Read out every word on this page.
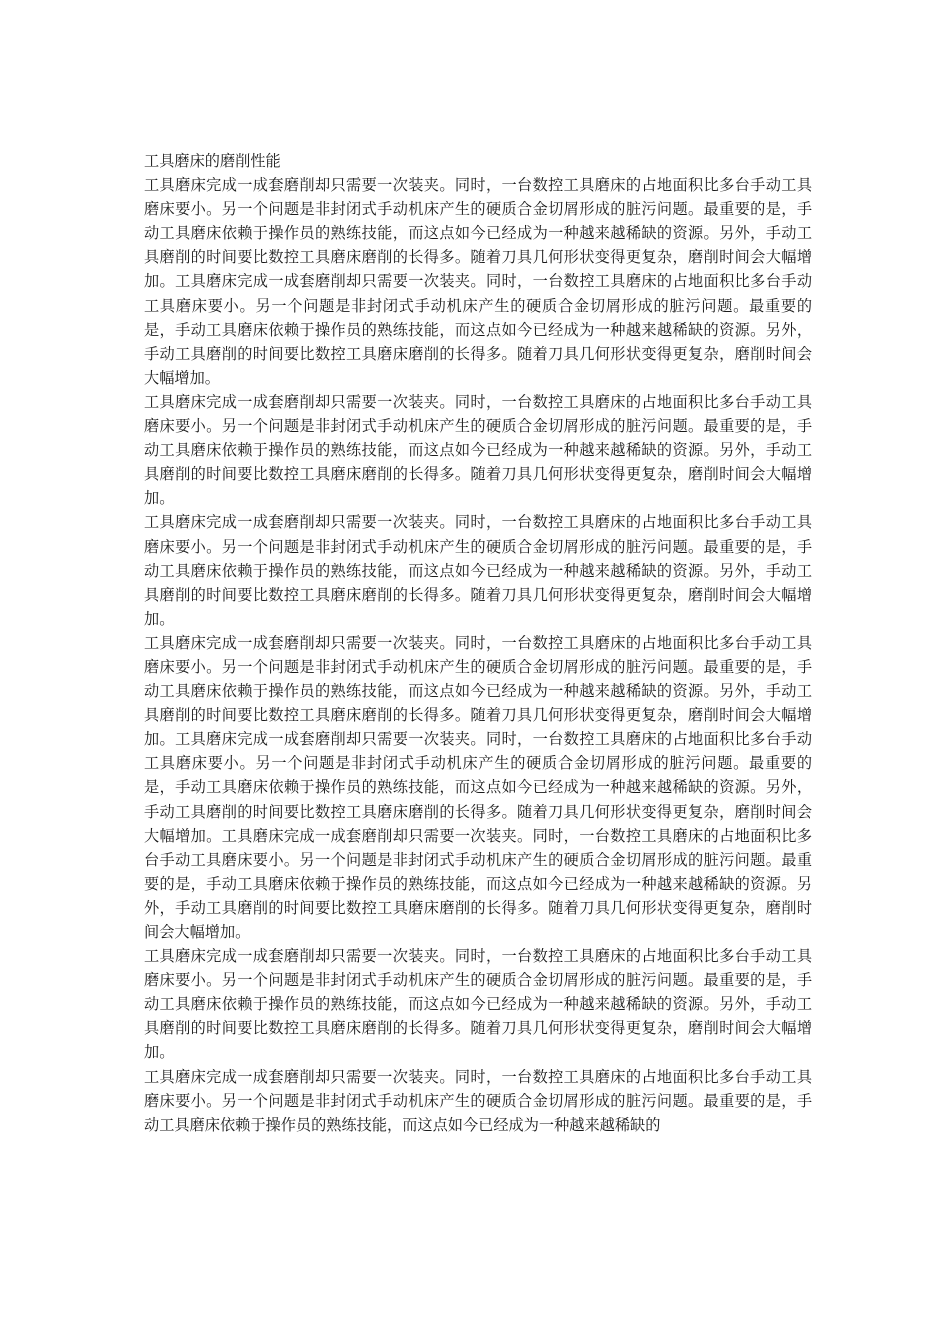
工具磨床的磨削性能

工具磨床完成一成套磨削却只需要一次装夹。同时，一台数控工具磨床的占地面积比多台手动工具磨床要小。另一个问题是非封闭式手动机床产生的硬质合金切屑形成的脏污问题。最重要的是，手动工具磨床依赖于操作员的熟练技能，而这点如今已经成为一种越来越稀缺的资源。另外，手动工具磨削的时间要比数控工具磨床磨削的长得多。随着刀具几何形状变得更复杂，磨削时间会大幅增加。工具磨床完成一成套磨削却只需要一次装夹。同时，一台数控工具磨床的占地面积比多台手动工具磨床要小。另一个问题是非封闭式手动机床产生的硬质合金切屑形成的脏污问题。最重要的是，手动工具磨床依赖于操作员的熟练技能，而这点如今已经成为一种越来越稀缺的资源。另外，手动工具磨削的时间要比数控工具磨床磨削的长得多。随着刀具几何形状变得更复杂，磨削时间会大幅增加。

工具磨床完成一成套磨削却只需要一次装夹。同时，一台数控工具磨床的占地面积比多台手动工具磨床要小。另一个问题是非封闭式手动机床产生的硬质合金切屑形成的脏污问题。最重要的是，手动工具磨床依赖于操作员的熟练技能，而这点如今已经成为一种越来越稀缺的资源。另外，手动工具磨削的时间要比数控工具磨床磨削的长得多。随着刀具几何形状变得更复杂，磨削时间会大幅增加。

工具磨床完成一成套磨削却只需要一次装夹。同时，一台数控工具磨床的占地面积比多台手动工具磨床要小。另一个问题是非封闭式手动机床产生的硬质合金切屑形成的脏污问题。最重要的是，手动工具磨床依赖于操作员的熟练技能，而这点如今已经成为一种越来越稀缺的资源。另外，手动工具磨削的时间要比数控工具磨床磨削的长得多。随着刀具几何形状变得更复杂，磨削时间会大幅增加。

工具磨床完成一成套磨削却只需要一次装夹。同时，一台数控工具磨床的占地面积比多台手动工具磨床要小。另一个问题是非封闭式手动机床产生的硬质合金切屑形成的脏污问题。最重要的是，手动工具磨床依赖于操作员的熟练技能，而这点如今已经成为一种越来越稀缺的资源。另外，手动工具磨削的时间要比数控工具磨床磨削的长得多。随着刀具几何形状变得更复杂，磨削时间会大幅增加。工具磨床完成一成套磨削却只需要一次装夹。同时，一台数控工具磨床的占地面积比多台手动工具磨床要小。另一个问题是非封闭式手动机床产生的硬质合金切屑形成的脏污问题。最重要的是，手动工具磨床依赖于操作员的熟练技能，而这点如今已经成为一种越来越稀缺的资源。另外，手动工具磨削的时间要比数控工具磨床磨削的长得多。随着刀具几何形状变得更复杂，磨削时间会大幅增加。工具磨床完成一成套磨削却只需要一次装夹。同时，一台数控工具磨床的占地面积比多台手动工具磨床要小。另一个问题是非封闭式手动机床产生的硬质合金切屑形成的脏污问题。最重要的是，手动工具磨床依赖于操作员的熟练技能，而这点如今已经成为一种越来越稀缺的资源。另外，手动工具磨削的时间要比数控工具磨床磨削的长得多。随着刀具几何形状变得更复杂，磨削时间会大幅增加。

工具磨床完成一成套磨削却只需要一次装夹。同时，一台数控工具磨床的占地面积比多台手动工具磨床要小。另一个问题是非封闭式手动机床产生的硬质合金切屑形成的脏污问题。最重要的是，手动工具磨床依赖于操作员的熟练技能，而这点如今已经成为一种越来越稀缺的资源。另外，手动工具磨削的时间要比数控工具磨床磨削的长得多。随着刀具几何形状变得更复杂，磨削时间会大幅增加。

工具磨床完成一成套磨削却只需要一次装夹。同时，一台数控工具磨床的占地面积比多台手动工具磨床要小。另一个问题是非封闭式手动机床产生的硬质合金切屑形成的脏污问题。最重要的是，手动工具磨床依赖于操作员的熟练技能，而这点如今已经成为一种越来越稀缺的
